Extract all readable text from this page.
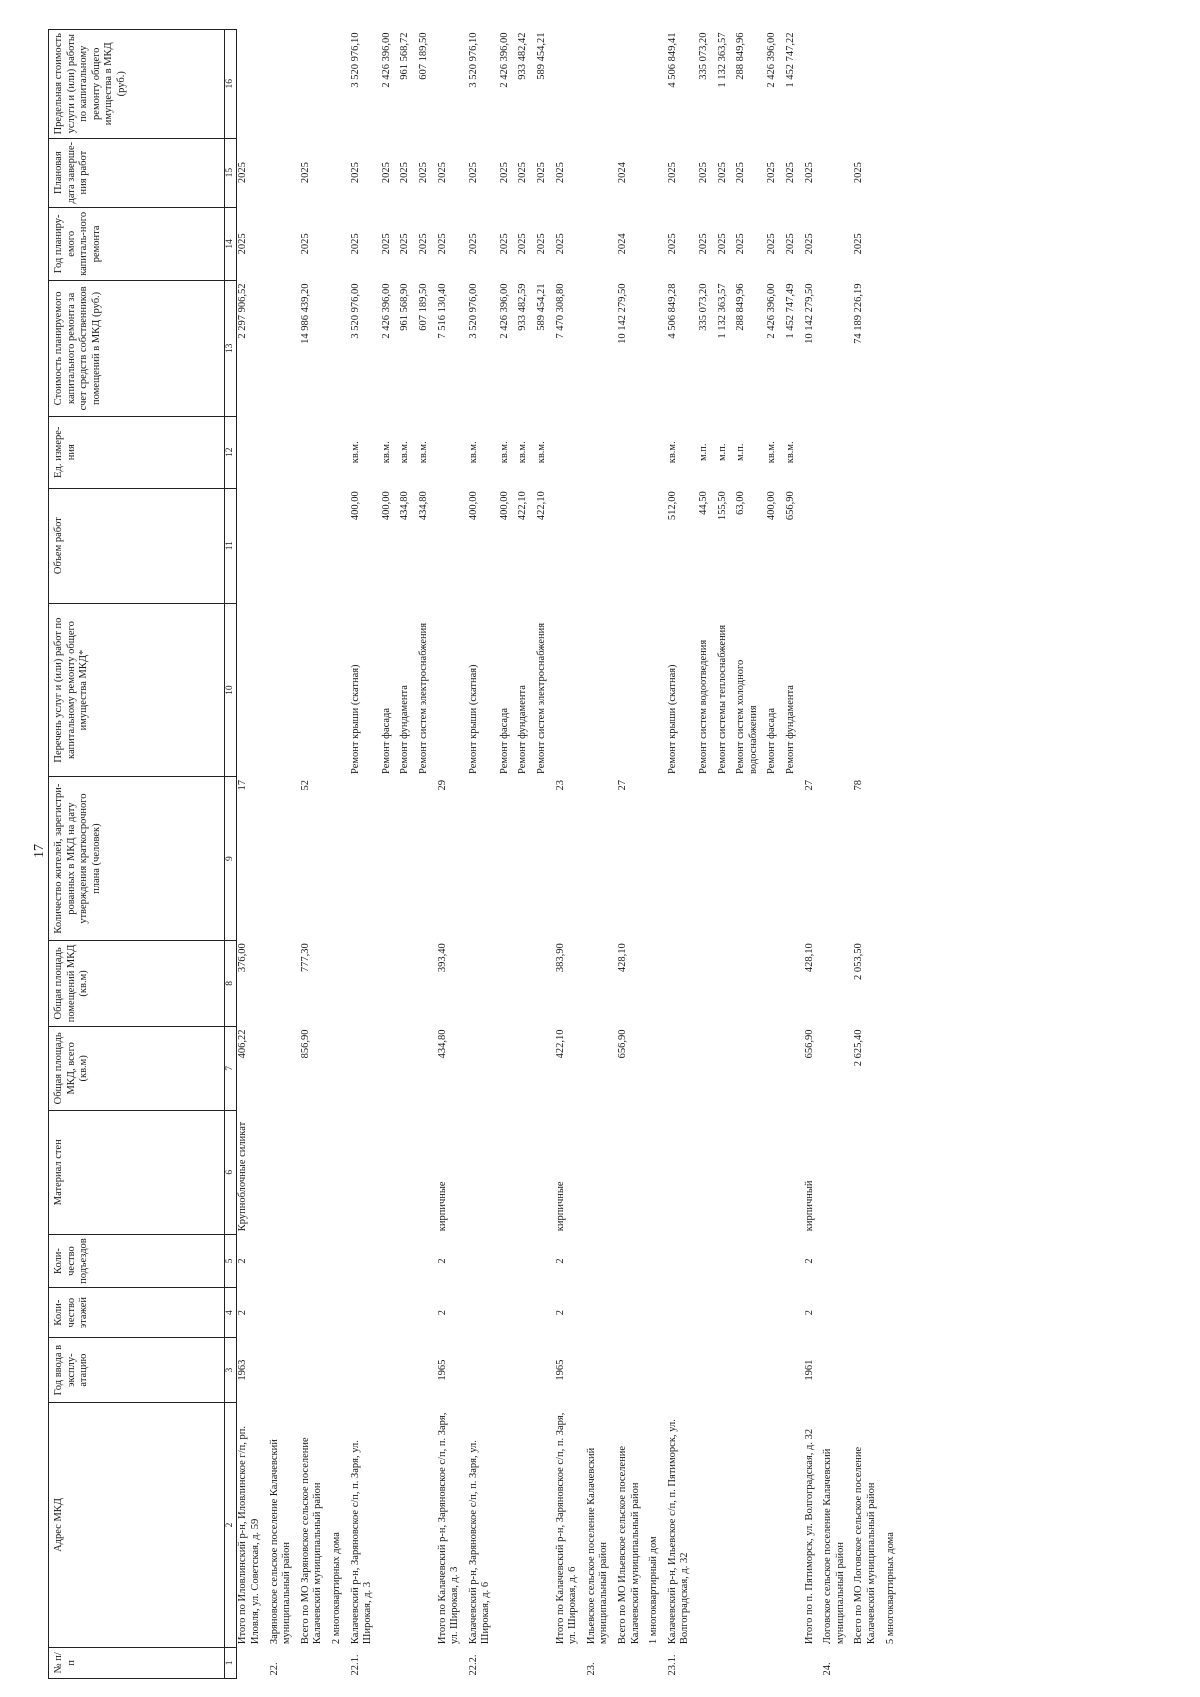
17
№ п/п	Адрес МКД	Год ввода в эксплу-атацию	Коли-чество этажей	Коли-чество подъездов	Материал стен	Общая площадь МКД, всего (кв.м)	Общая площадь помещений МКД (кв.м)	Количество жителей, зарегистри-рованных в МКД на дату утверждения краткосрочного плана (человек)	Перечень услуг и (или) работ по капитальному ремонту общего имущества МКД*	Объем работ	Ед. измере-ния	Стоимость планируемого капитального ремонта за счет средств собственников помещений в МКД (руб.)	Год планиру-емого капиталь-ного ремонта	Плановая дата заверше-ния работ	Предельная стоимость услуги и (или) работы по капитальному ремонту общего имущества в МКД (руб.)
1	2	3	4	5	6	7	8	9	10	11	12	13	14	15	16
	Итого по Иловлинский р-н, Иловлинское г/п, рп. Иловля, ул. Советская, д. 59	1963	2	2	Крупноблочные силикат	406,22	376,00	17				2 297 906,52	2025	2025	
22.	Заряновское сельское поселение Калачевский муниципальный район														
	Всего по МО Заряновское сельское поселение Калачевский муниципальный район					856,90	777,30	52				14 986 439,20	2025	2025	
	2 многоквартирных дома														
22.1.	Калачевский р-н, Заряновское с/п, п. Заря, ул. Широкая, д. 3								Ремонт крыши (скатная)	400,00	кв.м.	3 520 976,00	2025	2025	3 520 976,10
									Ремонт фасада	400,00	кв.м.	2 426 396,00	2025	2025	2 426 396,00
									Ремонт фундамента	434,80	кв.м.	961 568,90	2025	2025	961 568,72
									Ремонт систем электроснабжения	434,80	кв.м.	607 189,50	2025	2025	607 189,50
	Итого по Калачевский р-н, Заряновское с/п, п. Заря, ул. Широкая, д. 3	1965	2	2	кирпичные	434,80	393,40	29				7 516 130,40	2025	2025	
22.2.	Калачевский р-н, Заряновское с/п, п. Заря, ул. Широкая, д. 6								Ремонт крыши (скатная)	400,00	кв.м.	3 520 976,00	2025	2025	3 520 976,10
									Ремонт фасада	400,00	кв.м.	2 426 396,00	2025	2025	2 426 396,00
									Ремонт фундамента	422,10	кв.м.	933 482,59	2025	2025	933 482,42
									Ремонт систем электроснабжения	422,10	кв.м.	589 454,21	2025	2025	589 454,21
	Итого по Калачевский р-н, Заряновское с/п, п. Заря, ул. Широкая, д. 6	1965	2	2	кирпичные	422,10	383,90	23				7 470 308,80	2025	2025	
23.	Ильевское сельское поселение Калачевский муниципальный район														
	Всего по МО Ильевское сельское поселение Калачевский муниципальный район					656,90	428,10	27				10 142 279,50	2024	2024	
	1 многоквартирный дом														
23.1.	Калачевский р-н, Ильевское с/п, п. Пятиморск, ул. Волгоградская, д. 32								Ремонт крыши (скатная)	512,00	кв.м.	4 506 849,28	2025	2025	4 506 849,41
									Ремонт систем водоотведения	44,50	м.п.	335 073,20	2025	2025	335 073,20
									Ремонт системы теплоснабжения	155,50	м.п.	1 132 363,57	2025	2025	1 132 363,57
									Ремонт систем холодного водоснабжения	63,00	м.п.	288 849,96	2025	2025	288 849,96
									Ремонт фасада	400,00	кв.м.	2 426 396,00	2025	2025	2 426 396,00
									Ремонт фундамента	656,90	кв.м.	1 452 747,49	2025	2025	1 452 747,22
	Итого по п. Пятиморск, ул. Волгоградская, д. 32	1961	2	2	кирпичный	656,90	428,10	27				10 142 279,50	2025	2025	
24.	Логовское сельское поселение Калачевский муниципальный район														
	Всего по МО Логовское сельское поселение Калачевский муниципальный район					2 625,40	2 053,50	78				74 189 226,19	2025	2025	
	5 многоквартирных дома														
